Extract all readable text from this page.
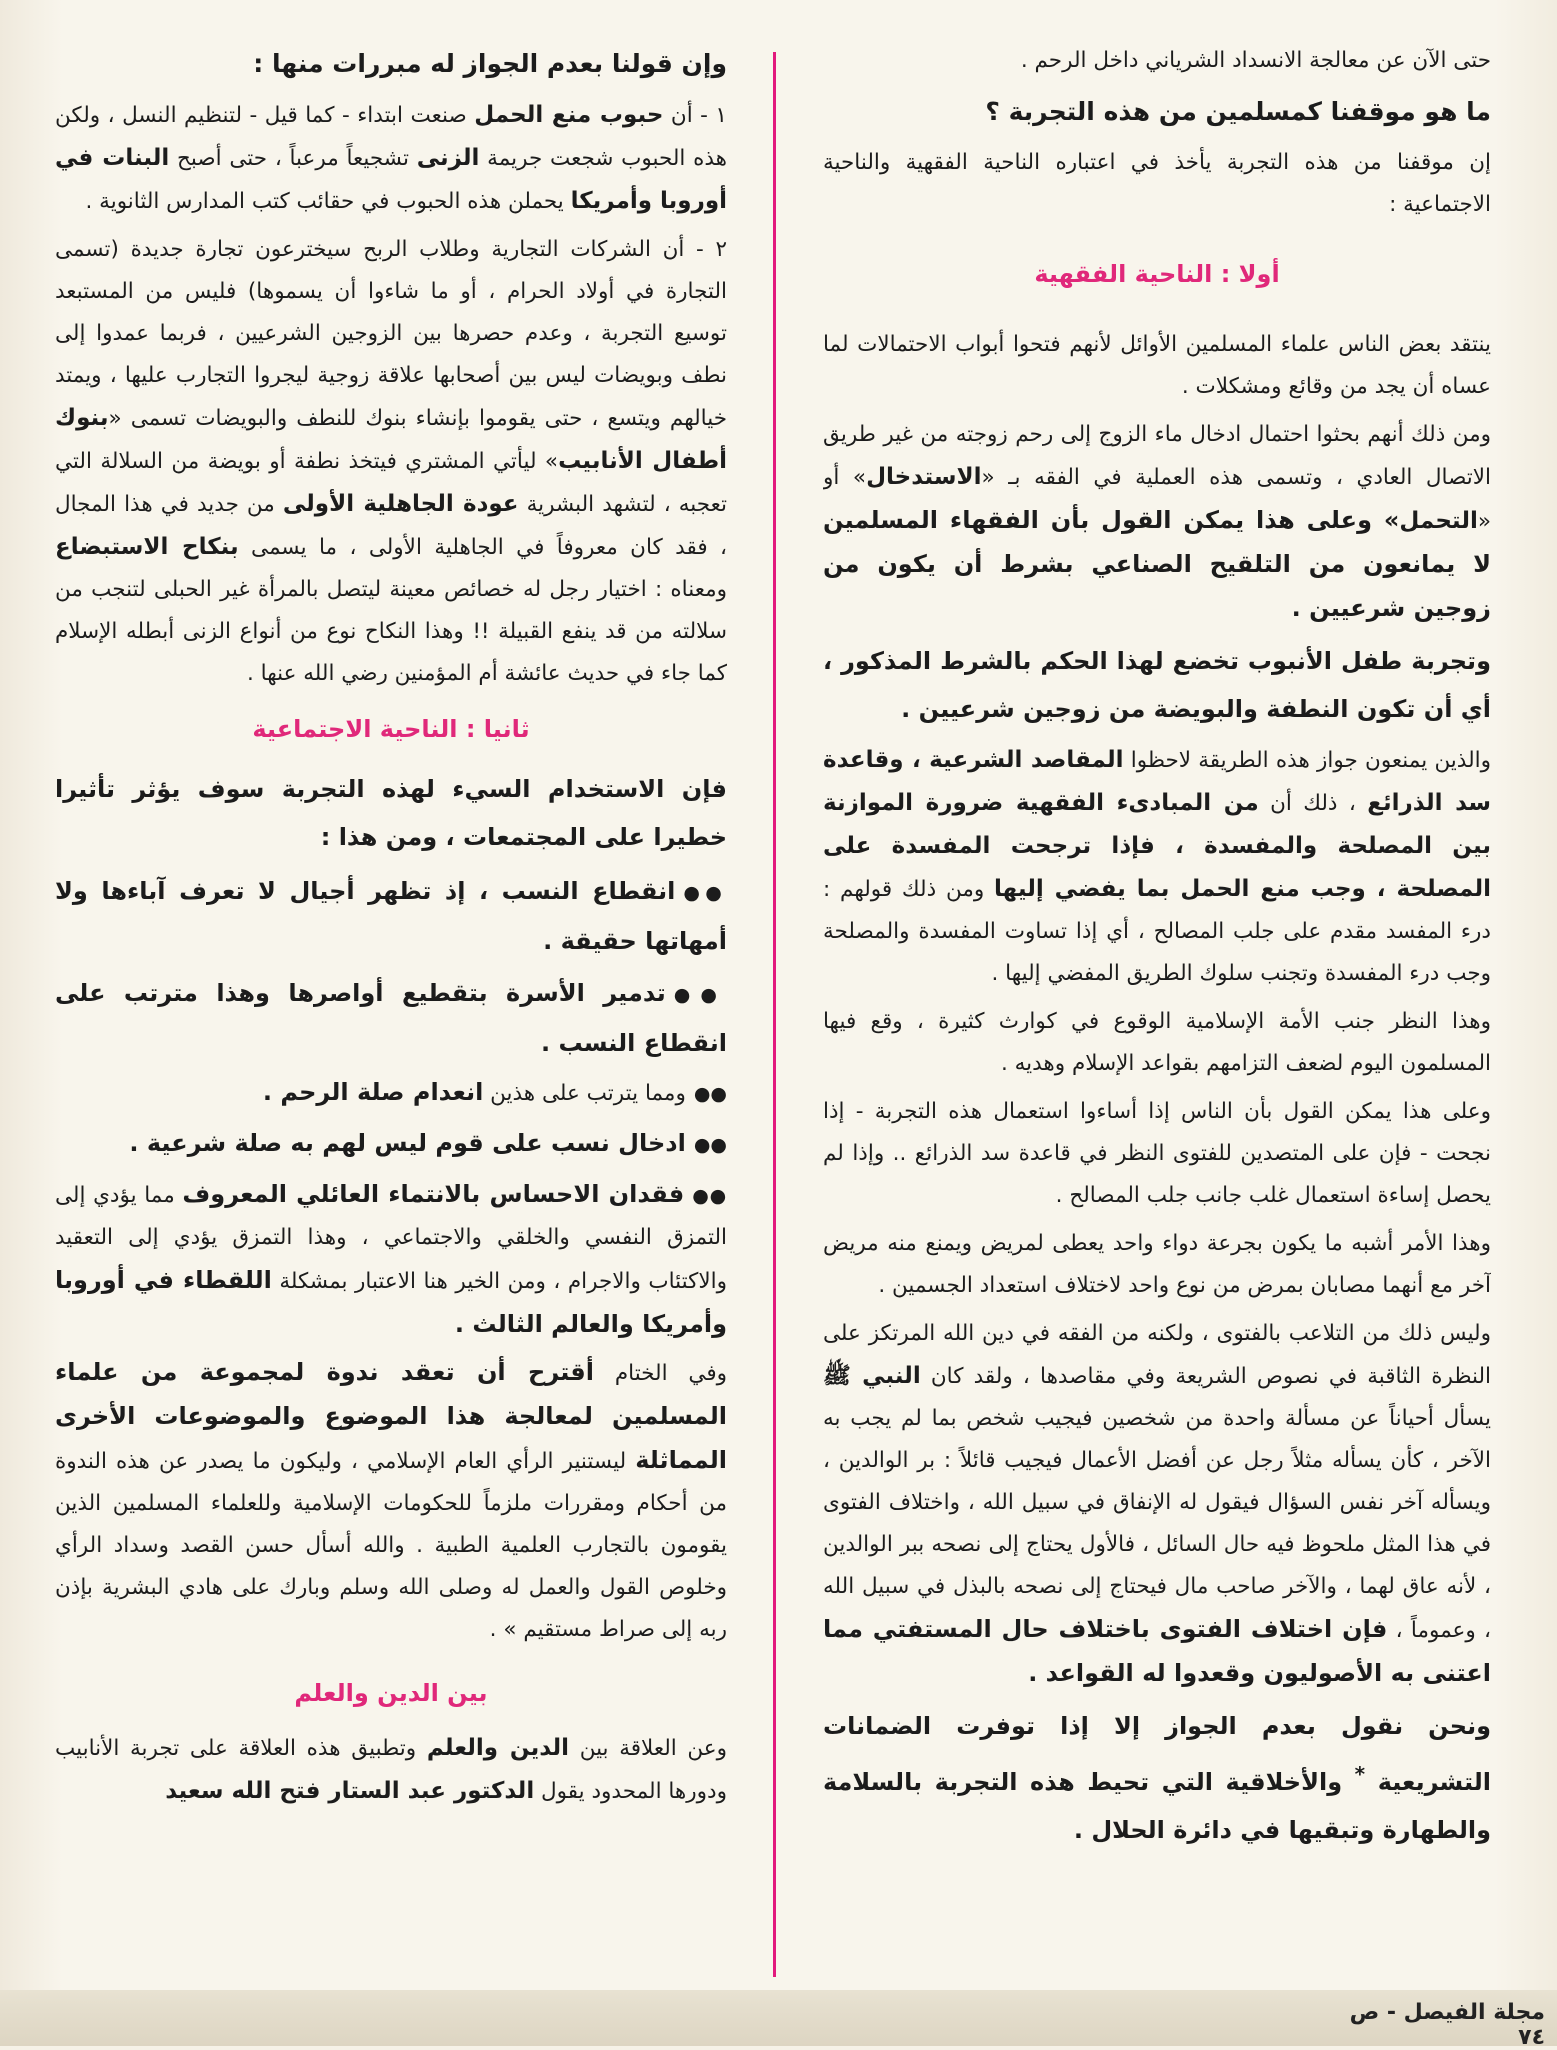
حتى الآن عن معالجة الانسداد الشرياني داخل الرحم .

ما هو موقفنا كمسلمين من هذه التجربة ؟

إن موقفنا من هذه التجربة يأخذ في اعتباره الناحية الفقهية والناحية الاجتماعية :

أولا : الناحية الفقهية

ينتقد بعض الناس علماء المسلمين الأوائل لأنهم فتحوا أبواب الاحتمالات لما عساه أن يجد من وقائع ومشكلات .

ومن ذلك أنهم بحثوا احتمال ادخال ماء الزوج إلى رحم زوجته من غير طريق الاتصال العادي ، وتسمى هذه العملية في الفقه بـ «الاستدخال» أو «التحمل» وعلى هذا يمكن القول بأن الفقهاء المسلمين لا يمانعون من التلقيح الصناعي بشرط أن يكون من زوجين شرعيين .

وتجربة طفل الأنبوب تخضع لهذا الحكم بالشرط المذكور ، أي أن تكون النطفة والبويضة من زوجين شرعيين .

والذين يمنعون جواز هذه الطريقة لاحظوا المقاصد الشرعية ، وقاعدة سد الذرائع ، ذلك أن من المبادىء الفقهية ضرورة الموازنة بين المصلحة والمفسدة ، فإذا ترجحت المفسدة على المصلحة ، وجب منع الحمل بما يفضي إليها ومن ذلك قولهم : درء المفسد مقدم على جلب المصالح ، أي إذا تساوت المفسدة والمصلحة وجب درء المفسدة وتجنب سلوك الطريق المفضي إليها .

وهذا النظر جنب الأمة الإسلامية الوقوع في كوارث كثيرة ، وقع فيها المسلمون اليوم لضعف التزامهم بقواعد الإسلام وهديه .

وعلى هذا يمكن القول بأن الناس إذا أساءوا استعمال هذه التجربة - إذا نجحت - فإن على المتصدين للفتوى النظر في قاعدة سد الذرائع .. وإذا لم يحصل إساءة استعمال غلب جانب جلب المصالح .

وهذا الأمر أشبه ما يكون بجرعة دواء واحد يعطى لمريض ويمنع منه مريض آخر مع أنهما مصابان بمرض من نوع واحد لاختلاف استعداد الجسمين .

وليس ذلك من التلاعب بالفتوى ، ولكنه من الفقه في دين الله المرتكز على النظرة الثاقبة في نصوص الشريعة وفي مقاصدها ، ولقد كان النبي ﷺ يسأل أحياناً عن مسألة واحدة من شخصين فيجيب شخص بما لم يجب به الآخر ، كأن يسأله مثلاً رجل عن أفضل الأعمال فيجيب قائلاً : بر الوالدين ، ويسأله آخر نفس السؤال فيقول له الإنفاق في سبيل الله ، واختلاف الفتوى في هذا المثل ملحوظ فيه حال السائل ، فالأول يحتاج إلى نصحه ببر الوالدين ، لأنه عاق لهما ، والآخر صاحب مال فيحتاج إلى نصحه بالبذل في سبيل الله ، وعموماً ، فإن اختلاف الفتوى باختلاف حال المستفتي مما اعتنى به الأصوليون وقعدوا له القواعد .

ونحن نقول بعدم الجواز إلا إذا توفرت الضمانات التشريعية * والأخلاقية التي تحيط هذه التجربة بالسلامة والطهارة وتبقيها في دائرة الحلال .

وإن قولنا بعدم الجواز له مبررات منها :

١ - أن حبوب منع الحمل صنعت ابتداء - كما قيل - لتنظيم النسل ، ولكن هذه الحبوب شجعت جريمة الزنى تشجيعاً مرعباً ، حتى أصبح البنات في أوروبا وأمريكا يحملن هذه الحبوب في حقائب كتب المدارس الثانوية .

٢ - أن الشركات التجارية وطلاب الربح سيخترعون تجارة جديدة (تسمى التجارة في أولاد الحرام ، أو ما شاءوا أن يسموها) فليس من المستبعد توسيع التجربة ، وعدم حصرها بين الزوجين الشرعيين ، فربما عمدوا إلى نطف وبويضات ليس بين أصحابها علاقة زوجية ليجروا التجارب عليها ، ويمتد خيالهم ويتسع ، حتى يقوموا بإنشاء بنوك للنطف والبويضات تسمى «بنوك أطفال الأنابيب» ليأتي المشتري فيتخذ نطفة أو بويضة من السلالة التي تعجبه ، لتشهد البشرية عودة الجاهلية الأولى من جديد في هذا المجال ، فقد كان معروفاً في الجاهلية الأولى ، ما يسمى بنكاح الاستبضاع ومعناه : اختيار رجل له خصائص معينة ليتصل بالمرأة غير الحبلى لتنجب من سلالته من قد ينفع القبيلة !! وهذا النكاح نوع من أنواع الزنى أبطله الإسلام كما جاء في حديث عائشة أم المؤمنين رضي الله عنها .

ثانيا : الناحية الاجتماعية

فإن الاستخدام السيء لهذه التجربة سوف يؤثر تأثيرا خطيرا على المجتمعات ، ومن هذا :

●●انقطاع النسب ، إذ تظهر أجيال لا تعرف آباءها ولا أمهاتها حقيقة .

●●تدمير الأسرة بتقطيع أواصرها وهذا مترتب على انقطاع النسب .

●●ومما يترتب على هذين انعدام صلة الرحم .

●●ادخال نسب على قوم ليس لهم به صلة شرعية .

●●فقدان الاحساس بالانتماء العائلي المعروف مما يؤدي إلى التمزق النفسي والخلقي والاجتماعي ، وهذا التمزق يؤدي إلى التعقيد والاكتئاب والاجرام ، ومن الخير هنا الاعتبار بمشكلة اللقطاء في أوروبا وأمريكا والعالم الثالث .

وفي الختام أقترح أن تعقد ندوة لمجموعة من علماء المسلمين لمعالجة هذا الموضوع والموضوعات الأخرى المماثلة ليستنير الرأي العام الإسلامي ، وليكون ما يصدر عن هذه الندوة من أحكام ومقررات ملزماً للحكومات الإسلامية وللعلماء المسلمين الذين يقومون بالتجارب العلمية الطبية . والله أسأل حسن القصد وسداد الرأي وخلوص القول والعمل له وصلى الله وسلم وبارك على هادي البشرية بإذن ربه إلى صراط مستقيم » .

بين الدين والعلم

وعن العلاقة بين الدين والعلم وتطبيق هذه العلاقة على تجربة الأنابيب ودورها المحدود يقول الدكتور عبد الستار فتح الله سعيد

مجلة الفيصل - ص ٧٤
